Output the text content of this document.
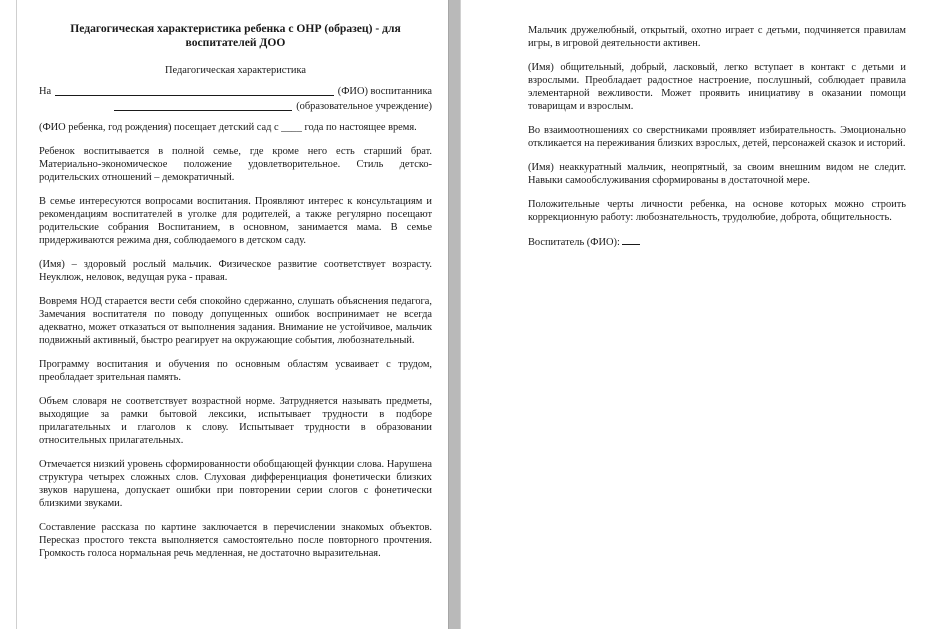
Педагогическая характеристика ребенка с ОНР (образец) - для воспитателей ДОО
Педагогическая характеристика
На	(ФИО) воспитанника
(образовательное учреждение)

(ФИО ребенка, год рождения) посещает детский сад с ____ года по настоящее время.

Ребенок воспитывается в полной семье, где кроме него есть старший брат. Материально-экономическое положение удовлетворительное. Стиль детско-родительских отношений – демократичный.

В семье интересуются вопросами воспитания. Проявляют интерес к консультациям и рекомендациям воспитателей в уголке для родителей, а также регулярно посещают родительские собрания Воспитанием, в основном, занимается мама. В семье придерживаются режима дня, соблюдаемого в детском саду.

(Имя) – здоровый рослый мальчик. Физическое развитие соответствует возрасту. Неуклюж, неловок, ведущая рука - правая.

Вовремя НОД старается вести себя спокойно сдержанно, слушать объяснения педагога, Замечания воспитателя по поводу допущенных ошибок воспринимает не всегда адекватно, может отказаться от выполнения задания. Внимание не устойчивое, мальчик подвижный активный, быстро реагирует на окружающие события, любознательный.

Программу воспитания и обучения по основным областям усваивает с трудом, преобладает зрительная память.

Объем словаря не соответствует возрастной норме. Затрудняется называть предметы, выходящие за рамки бытовой лексики, испытывает трудности в подборе прилагательных и глаголов к слову. Испытывает трудности в образовании относительных прилагательных.

Отмечается низкий уровень сформированности обобщающей функции слова. Нарушена структура четырех сложных слов. Слуховая дифференциация фонетически близких звуков нарушена, допускает ошибки при повторении серии слогов с фонетически близкими звуками.

Составление рассказа по картине заключается в перечислении знакомых объектов. Пересказ простого текста выполняется самостоятельно после повторного прочтения. Громкость голоса нормальная речь медленная, не достаточно выразительная.

Мальчик дружелюбный, открытый, охотно играет с детьми, подчиняется правилам игры, в игровой деятельности активен.

(Имя) общительный, добрый, ласковый, легко вступает в контакт с детьми и взрослыми. Преобладает радостное настроение, послушный, соблюдает правила элементарной вежливости. Может проявить инициативу в оказании помощи товарищам и взрослым.

Во взаимоотношениях со сверстниками проявляет избирательность. Эмоционально откликается на переживания близких взрослых, детей, персонажей сказок и историй.

(Имя) неаккуратный мальчик, неопрятный, за своим внешним видом не следит. Навыки самообслуживания сформированы в достаточной мере.

Положительные черты личности ребенка, на основе которых можно строить коррекционную работу: любознательность, трудолюбие, доброта, общительность.

Воспитатель (ФИО):
